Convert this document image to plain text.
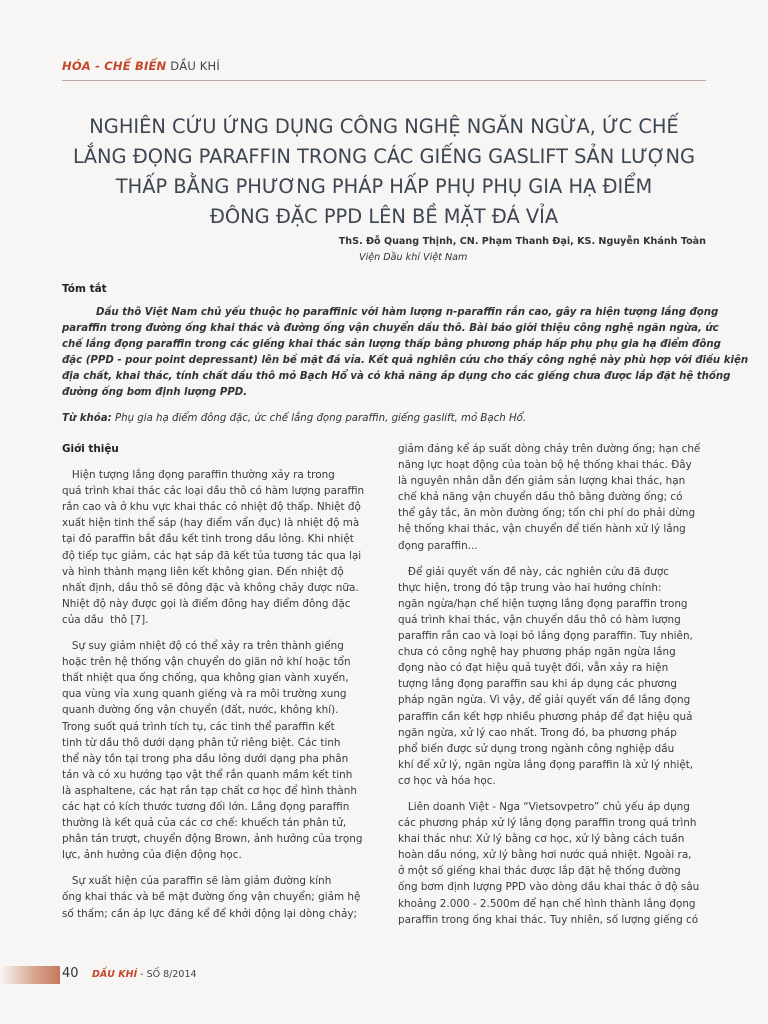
HÓA - CHẾ BIẾN DẦU KHÍ
NGHIÊN CỨU ỨNG DỤNG CÔNG NGHỆ NGĂN NGỪA, ỨC CHẾ
LẮNG ĐỌNG PARAFFIN TRONG CÁC GIẾNG GASLIFT SẢN LƯỢNG
THẤP BẰNG PHƯƠNG PHÁP HẤP PHỤ PHỤ GIA HẠ ĐIỂM
ĐÔNG ĐẶC PPD LÊN BỀ MẶT ĐÁ VỈA
ThS. Đỗ Quang Thịnh, CN. Phạm Thanh Đại, KS. Nguyễn Khánh Toàn
Viện Dầu khí Việt Nam
Tóm tắt
Dầu thô Việt Nam chủ yếu thuộc họ paraffinic với hàm lượng n-paraffin rắn cao, gây ra hiện tượng lắng đọng
paraffin trong đường ống khai thác và đường ống vận chuyển dầu thô. Bài báo giới thiệu công nghệ ngăn ngừa, ức
chế lắng đọng paraffin trong các giếng khai thác sản lượng thấp bằng phương pháp hấp phụ phụ gia hạ điểm đông
đặc (PPD - pour point depressant) lên bề mặt đá vỉa. Kết quả nghiên cứu cho thấy công nghệ này phù hợp với điều kiện
địa chất, khai thác, tính chất dầu thô mỏ Bạch Hổ và có khả năng áp dụng cho các giếng chưa được lắp đặt hệ thống
đường ống bơm định lượng PPD.
Từ khóa: Phụ gia hạ điểm đông đặc, ức chế lắng đọng paraffin, giếng gaslift, mỏ Bạch Hổ.
Giới thiệu
Hiện tượng lắng đọng paraffin thường xảy ra trong
quá trình khai thác các loại dầu thô có hàm lượng paraffin
rắn cao và ở khu vực khai thác có nhiệt độ thấp. Nhiệt độ
xuất hiện tinh thể sáp (hay điểm vẩn đục) là nhiệt độ mà
tại đó paraffin bắt đầu kết tinh trong dầu lỏng. Khi nhiệt
độ tiếp tục giảm, các hạt sáp đã kết tủa tương tác qua lại
và hình thành mạng liên kết không gian. Đến nhiệt độ
nhất định, dầu thô sẽ đông đặc và không chảy được nữa.
Nhiệt độ này được gọi là điểm đông hay điểm đông đặc
của dầu  thô [7].
Sự suy giảm nhiệt độ có thể xảy ra trên thành giếng
hoặc trên hệ thống vận chuyển do giãn nở khí hoặc tổn
thất nhiệt qua ống chống, qua không gian vành xuyến,
qua vùng vỉa xung quanh giếng và ra môi trường xung
quanh đường ống vận chuyển (đất, nước, không khí).
Trong suốt quá trình tích tụ, các tinh thể paraffin kết
tinh từ dầu thô dưới dạng phân tử riêng biệt. Các tinh
thể này tồn tại trong pha dầu lỏng dưới dạng pha phân
tán và có xu hướng tạo vật thể rắn quanh mầm kết tinh
là asphaltene, các hạt rắn tạp chất cơ học để hình thành
các hạt có kích thước tương đối lớn. Lắng đọng paraffin
thường là kết quả của các cơ chế: khuếch tán phân tử,
phân tán trượt, chuyển động Brown, ảnh hưởng của trọng
lực, ảnh hưởng của điện động học.
Sự xuất hiện của paraffin sẽ làm giảm đường kính
ống khai thác và bề mặt đường ống vận chuyển; giảm hệ
số thấm; cần áp lực đáng kể để khởi động lại dòng chảy;
giảm đáng kể áp suất dòng chảy trên đường ống; hạn chế
năng lực hoạt động của toàn bộ hệ thống khai thác. Đây
là nguyên nhân dẫn đến giảm sản lượng khai thác, hạn
chế khả năng vận chuyển dầu thô bằng đường ống; có
thể gây tắc, ăn mòn đường ống; tốn chi phí do phải dừng
hệ thống khai thác, vận chuyển để tiến hành xử lý lắng
đọng paraffin...
Để giải quyết vấn đề này, các nghiên cứu đã được
thực hiện, trong đó tập trung vào hai hướng chính:
ngăn ngừa/hạn chế hiện tượng lắng đọng paraffin trong
quá trình khai thác, vận chuyển dầu thô có hàm lượng
paraffin rắn cao và loại bỏ lắng đọng paraffin. Tuy nhiên,
chưa có công nghệ hay phương pháp ngăn ngừa lắng
đọng nào có đạt hiệu quả tuyệt đối, vẫn xảy ra hiện
tượng lắng đọng paraffin sau khi áp dụng các phương
pháp ngăn ngừa. Vì vậy, để giải quyết vấn đề lắng đọng
paraffin cần kết hợp nhiều phương pháp để đạt hiệu quả
ngăn ngừa, xử lý cao nhất. Trong đó, ba phương pháp
phổ biến được sử dụng trong ngành công nghiệp dầu
khí để xử lý, ngăn ngừa lắng đọng paraffin là xử lý nhiệt,
cơ học và hóa học.
Liên doanh Việt - Nga “Vietsovpetro” chủ yếu áp dụng
các phương pháp xử lý lắng đọng paraffin trong quá trình
khai thác như: Xử lý bằng cơ học, xử lý bằng cách tuần
hoàn dầu nóng, xử lý bằng hơi nước quá nhiệt. Ngoài ra,
ở một số giếng khai thác được lắp đặt hệ thống đường
ống bơm định lượng PPD vào dòng dầu khai thác ở độ sâu
khoảng 2.000 - 2.500m để hạn chế hình thành lắng đọng
paraffin trong ống khai thác. Tuy nhiên, số lượng giếng có
40 DẦU KHÍ - SỐ 8/2014
